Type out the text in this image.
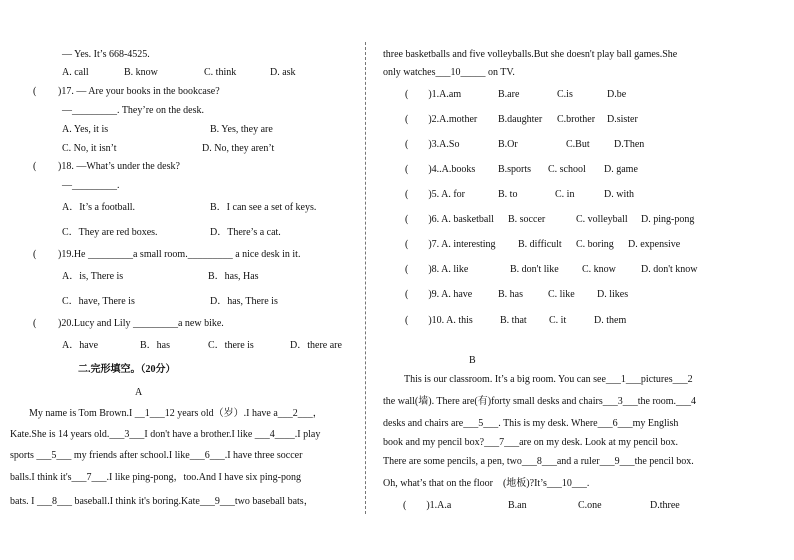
— Yes. It’s 668-4525.
A. call	B. know	C. think	D. ask
( )17. — Are your books in the bookcase?
—_________. They’re on the desk.
A. Yes, it is	B. Yes, they are
C. No, it isn’t	D. No, they aren’t
( )18. —What’s under the desk?
—_________.
A．It’s a football.	B．I can see a set of keys.
C．They are red boxes.	D．There’s a cat.
( )19.He _________a small room._________ a nice desk in it.
A．is, There is	B．has, Has
C．have, There is	D．has, There is
( )20.Lucy and Lily _________a new bike.
A．have	B．has	C．there is	D．there are
二.完形填空。（20分）
A
My name is Tom Brown.I __1___12 years old（岁）.I have a___2___，
Kate.She is 14 years old.___3___I don't have a brother.I like ___4____.I play
sports ___5___ my friends after school.I like___6___.I have three soccer
balls.I think it's___7___.I like ping-pong，too.And I have six ping-pong
bats. I ___8___ baseball.I think it's boring.Kate___9___two baseball bats，
three basketballs and five volleyballs.But she doesn't play ball games.She
only watches___10_____ on TV.
(　　)1.A.am	B.are	C.is	D.be
(　　)2.A.mother B.daughter C.brother D.sister
(　　)3.A.So	B.Or	C.But D.Then
(　　)4..A.books B.sports C. school D. game
(　　)5. A. for	B. to	C. in	D. with
(　　)6. A. basketball B. soccer	C. volleyball D. ping-pong
(　　)7. A. interesting B. difficult C. boring D. expensive
(　　)8. A. like	B. don't like C. know	D. don't know
(　　)9. A. have	B. has	C. like D. likes
(　　)10. A. this	B. that C. it	D. them
B
This is our classroom. It’s a big room. You can see___1___pictures___2
the wall(墙). There are(有)forty small desks and chairs___3___the room.___4
desks and chairs are___5___. This is my desk. Where___6___my English
book and my pencil box?___7___are on my desk. Look at my pencil box.
There are some pencils, a pen, two___8___and a ruler___9___the pencil box.
Oh, what’s that on the floor　(地板)?It’s___10___.
(　　)1.A.a	B.an	C.one	D.three
